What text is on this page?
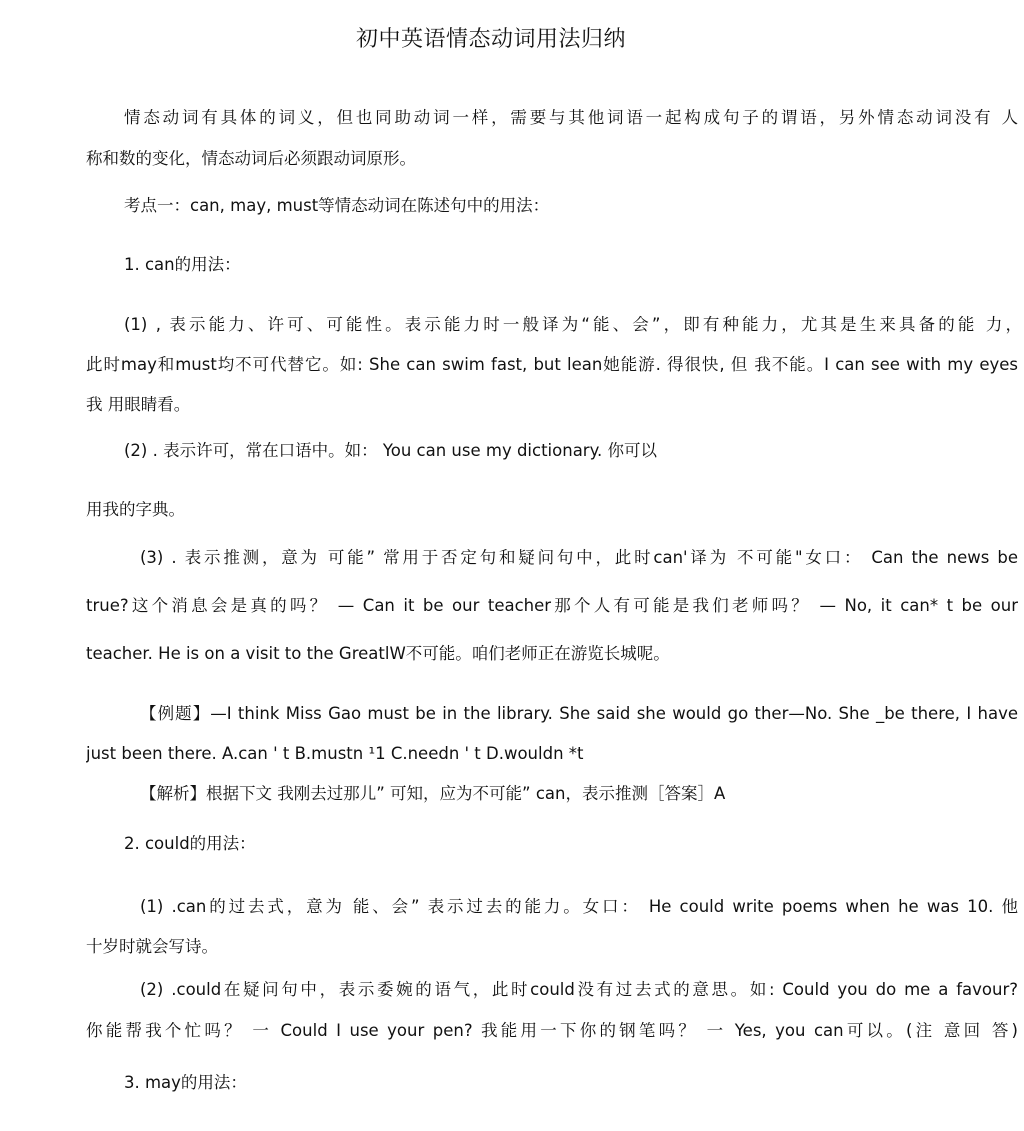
初中英语情态动词用法归纳
情态动词有具体的词义，但也同助动词一样，需要与其他词语一起构成句子的谓语，另外情态动词没有 人
称和数的变化，情态动词后必须跟动词原形。
考点一：can, may, must等情态动词在陈述句中的用法：
1. can的用法：
(1) , 表示能力、许可、可能性。表示能力时一般译为“能、会”，即有种能力，尤其是生来具备的能 力，
此时may和must均不可代替它。如: She can swim fast, but lean她能游. 得很快, 但 我不能。I can see with my eyes
我 用眼睛看。
(2) . 表示许可，常在口语中。如： You can use my dictionary. 你可以
用我的字典。
(3) . 表示推测，意为 可能” 常用于否定句和疑问句中，此时can'译为 不可能"女口： Can the news be
true?这个消息会是真的吗？ — Can it be our teacher那个人有可能是我们老师吗？ — No, it can* t be our
teacher. He is on a visit to the GreatlW不可能。咱们老师正在游览长城呢。
【例题】—I think Miss Gao must be in the library. She said she would go ther—No. She _be there, I have
just been there. A.can ' t B.mustn ¹1 C.needn ' t D.wouldn *t
【解析】根据下文 我刚去过那儿” 可知，应为不可能” can，表示推测［答案］A
2. could的用法：
(1) .can的过去式，意为 能、会” 表示过去的能力。女口： He could write poems when he was 10. 他
十岁时就会写诗。
(2) .could在疑问句中，表示委婉的语气，此时could没有过去式的意思。如: Could you do me a favour?
你能帮我个忙吗？ 一 Could I use your pen? 我能用一下你的钢笔吗？ 一 Yes, you can可以。(注 意回 答)
3. may的用法：
